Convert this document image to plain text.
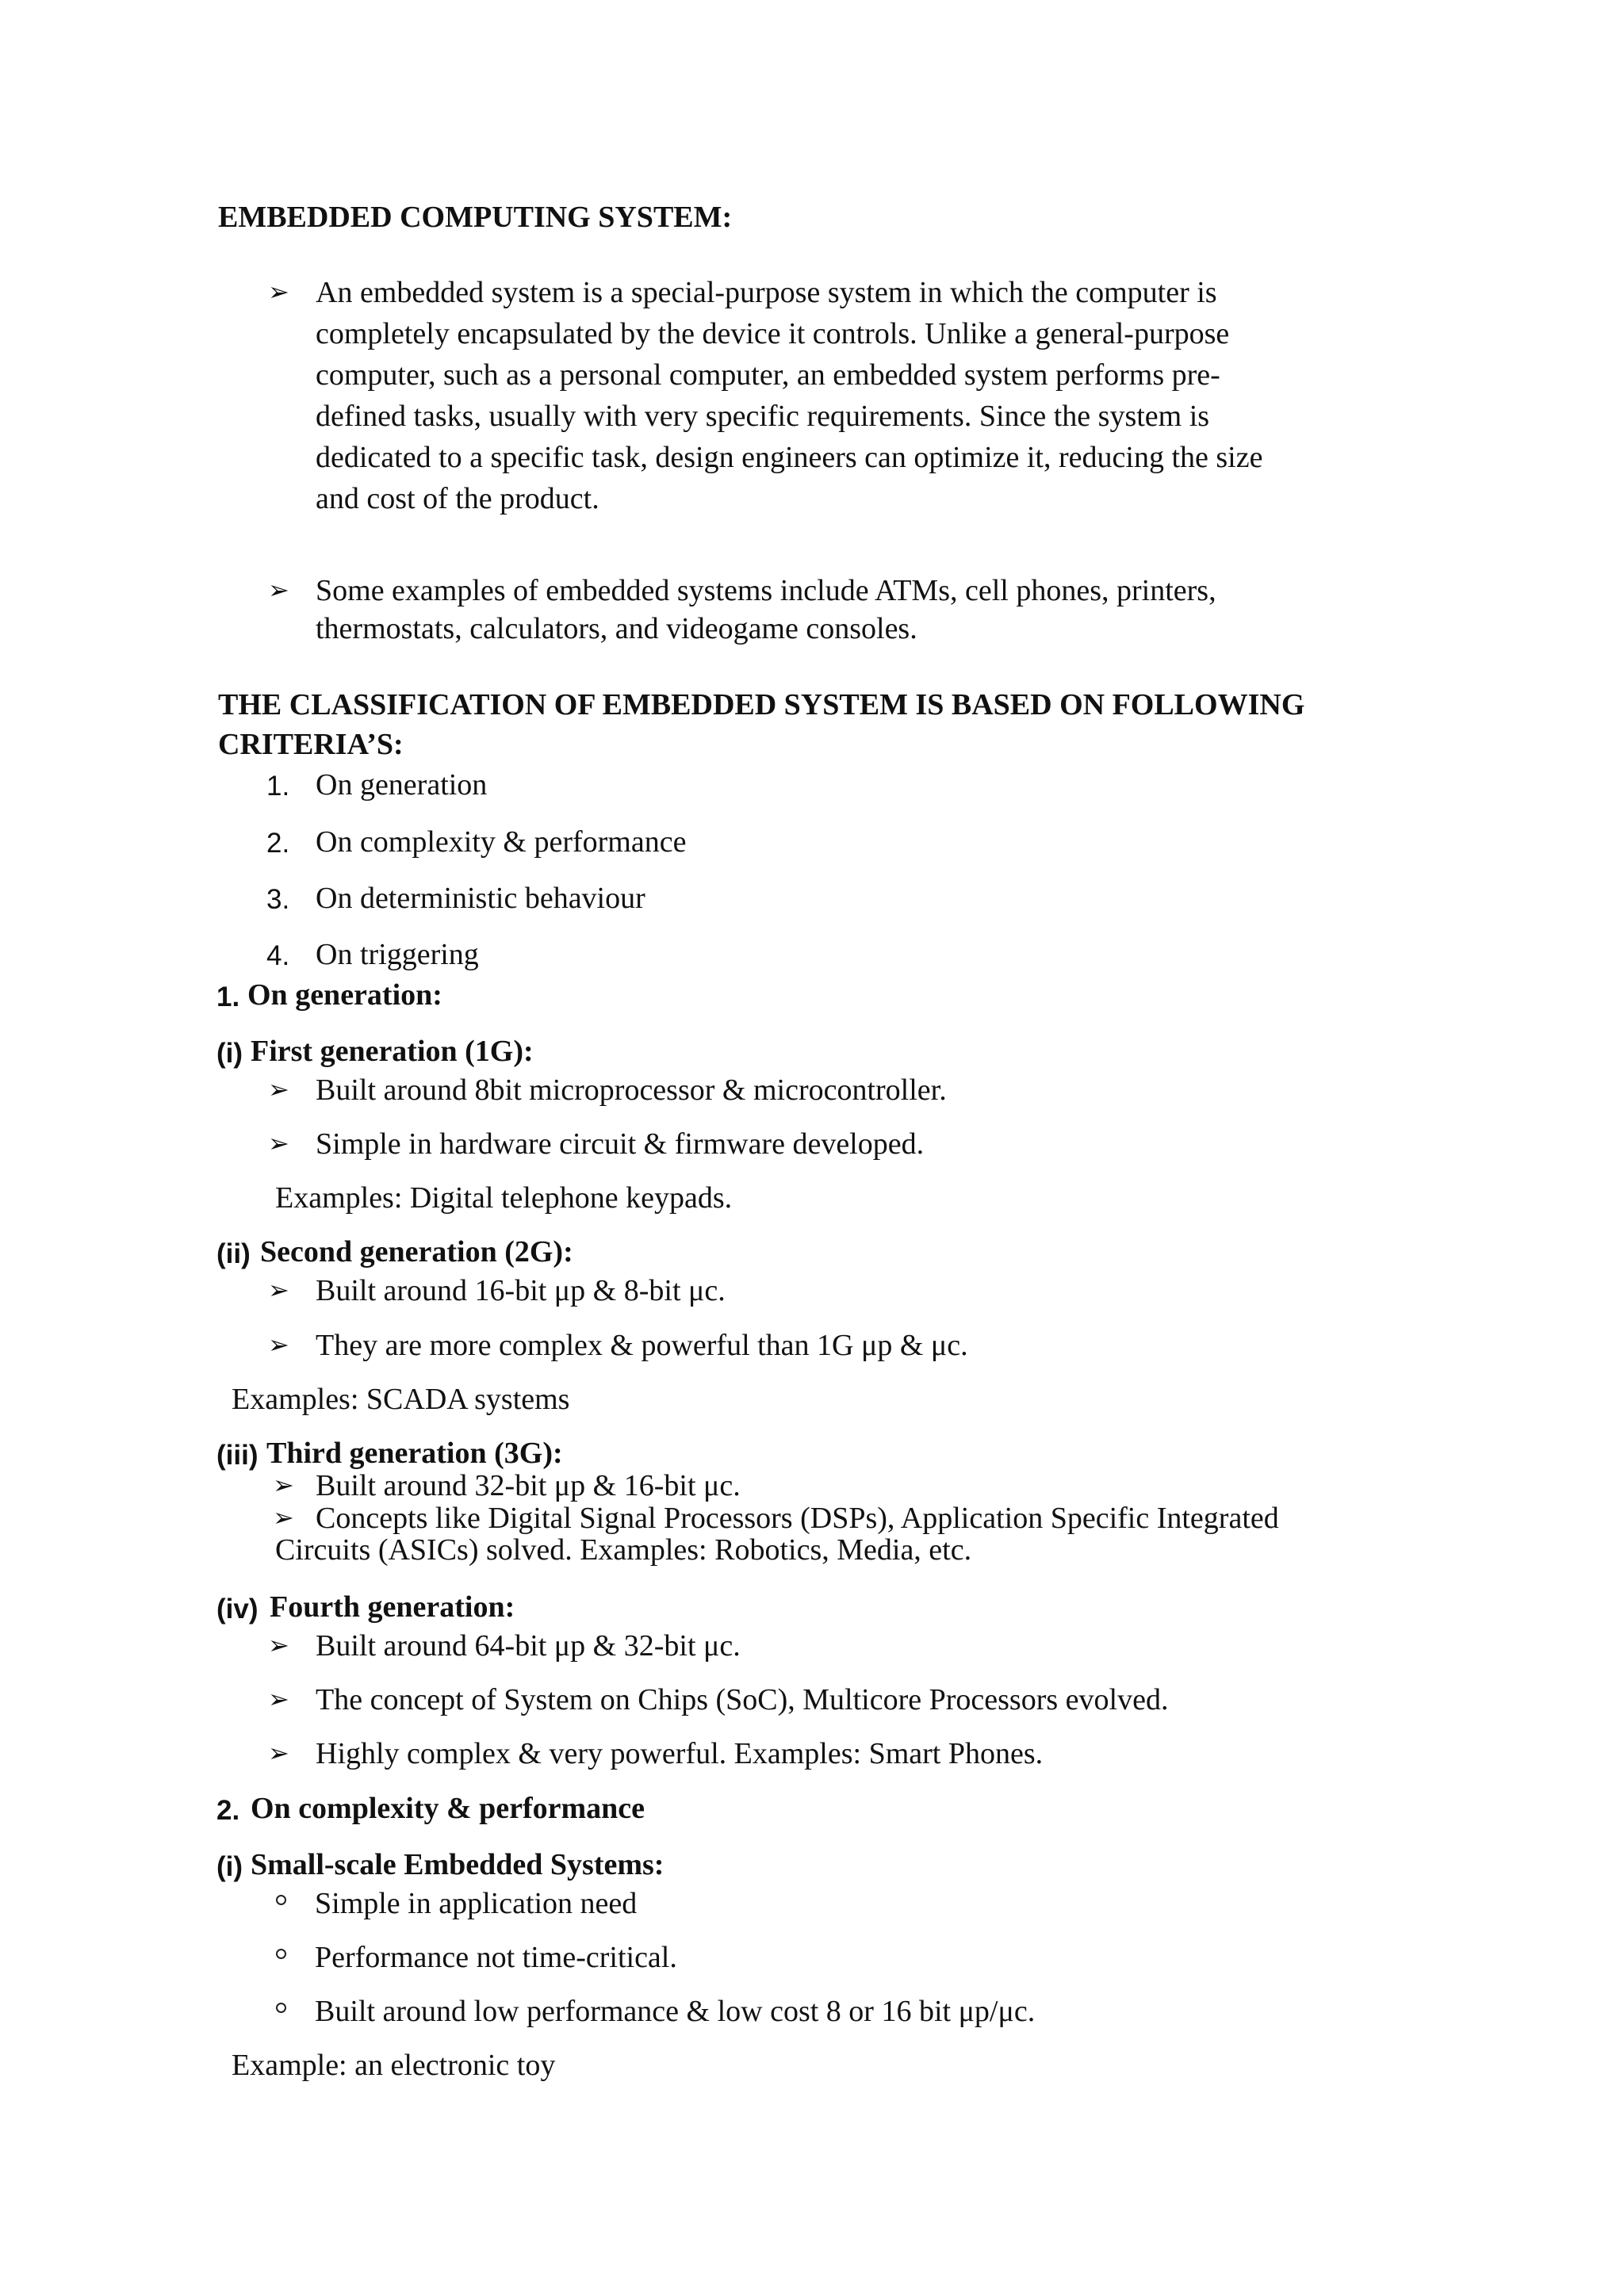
EMBEDDED COMPUTING SYSTEM:
➢ An embedded system is a special-purpose system in which the computer is
completely encapsulated by the device it controls. Unlike a general-purpose
computer, such as a personal computer, an embedded system performs pre-
defined tasks, usually with very specific requirements. Since the system is
dedicated to a specific task, design engineers can optimize it, reducing the size
and cost of the product.
➢ Some examples of embedded systems include ATMs, cell phones, printers,
thermostats, calculators, and videogame consoles.
THE CLASSIFICATION OF EMBEDDED SYSTEM IS BASED ON FOLLOWING
CRITERIA’S:
1. On generation
2. On complexity & performance
3. On deterministic behaviour
4. On triggering
1. On generation:
(i) First generation (1G):
➢ Built around 8bit microprocessor & microcontroller.
➢ Simple in hardware circuit & firmware developed.
Examples: Digital telephone keypads.
(ii) Second generation (2G):
➢ Built around 16-bit μp & 8-bit μc.
➢ They are more complex & powerful than 1G μp & μc.
Examples: SCADA systems
(iii) Third generation (3G):
➢ Built around 32-bit μp & 16-bit μc.
➢ Concepts like Digital Signal Processors (DSPs), Application Specific Integrated
Circuits (ASICs) solved. Examples: Robotics, Media, etc.
(iv) Fourth generation:
➢ Built around 64-bit μp & 32-bit μc.
➢ The concept of System on Chips (SoC), Multicore Processors evolved.
➢ Highly complex & very powerful. Examples: Smart Phones.
2. On complexity & performance
(i) Small-scale Embedded Systems:
Simple in application need
Performance not time-critical.
Built around low performance & low cost 8 or 16 bit μp/μc.
Example: an electronic toy
